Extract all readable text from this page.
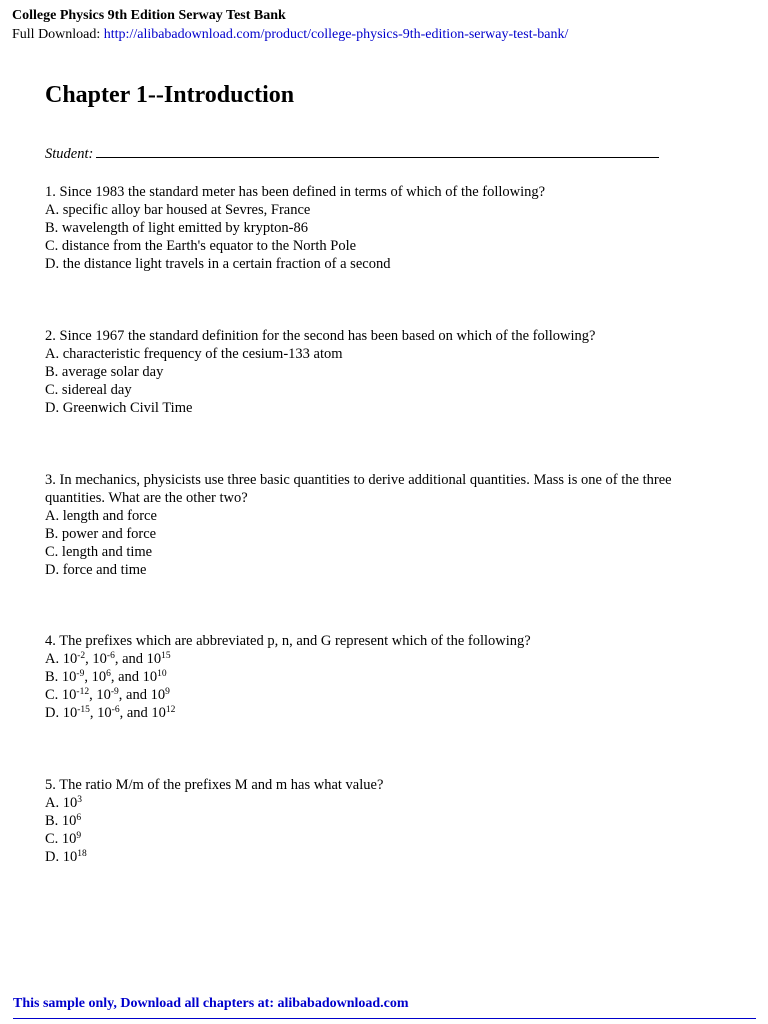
College Physics 9th Edition Serway Test Bank
Full Download: http://alibabadownload.com/product/college-physics-9th-edition-serway-test-bank/
Chapter 1--Introduction
Student:
1. Since 1983 the standard meter has been defined in terms of which of the following?
A. specific alloy bar housed at Sevres, France
B. wavelength of light emitted by krypton-86
C. distance from the Earth's equator to the North Pole
D. the distance light travels in a certain fraction of a second
2. Since 1967 the standard definition for the second has been based on which of the following?
A. characteristic frequency of the cesium-133 atom
B. average solar day
C. sidereal day
D. Greenwich Civil Time
3. In mechanics, physicists use three basic quantities to derive additional quantities. Mass is one of the three quantities. What are the other two?
A. length and force
B. power and force
C. length and time
D. force and time
4. The prefixes which are abbreviated p, n, and G represent which of the following?
A. $10^{-2}$, $10^{-6}$, and $10^{15}$
B. $10^{-9}$, $10^6$, and $10^{10}$
C. $10^{-12}$, $10^{-9}$, and $10^9$
D. $10^{-15}$, $10^{-6}$, and $10^{12}$
5. The ratio M/m of the prefixes M and m has what value?
A. $10^3$
B. $10^6$
C. $10^9$
D. $10^{18}$
This sample only, Download all chapters at: alibabadownload.com
